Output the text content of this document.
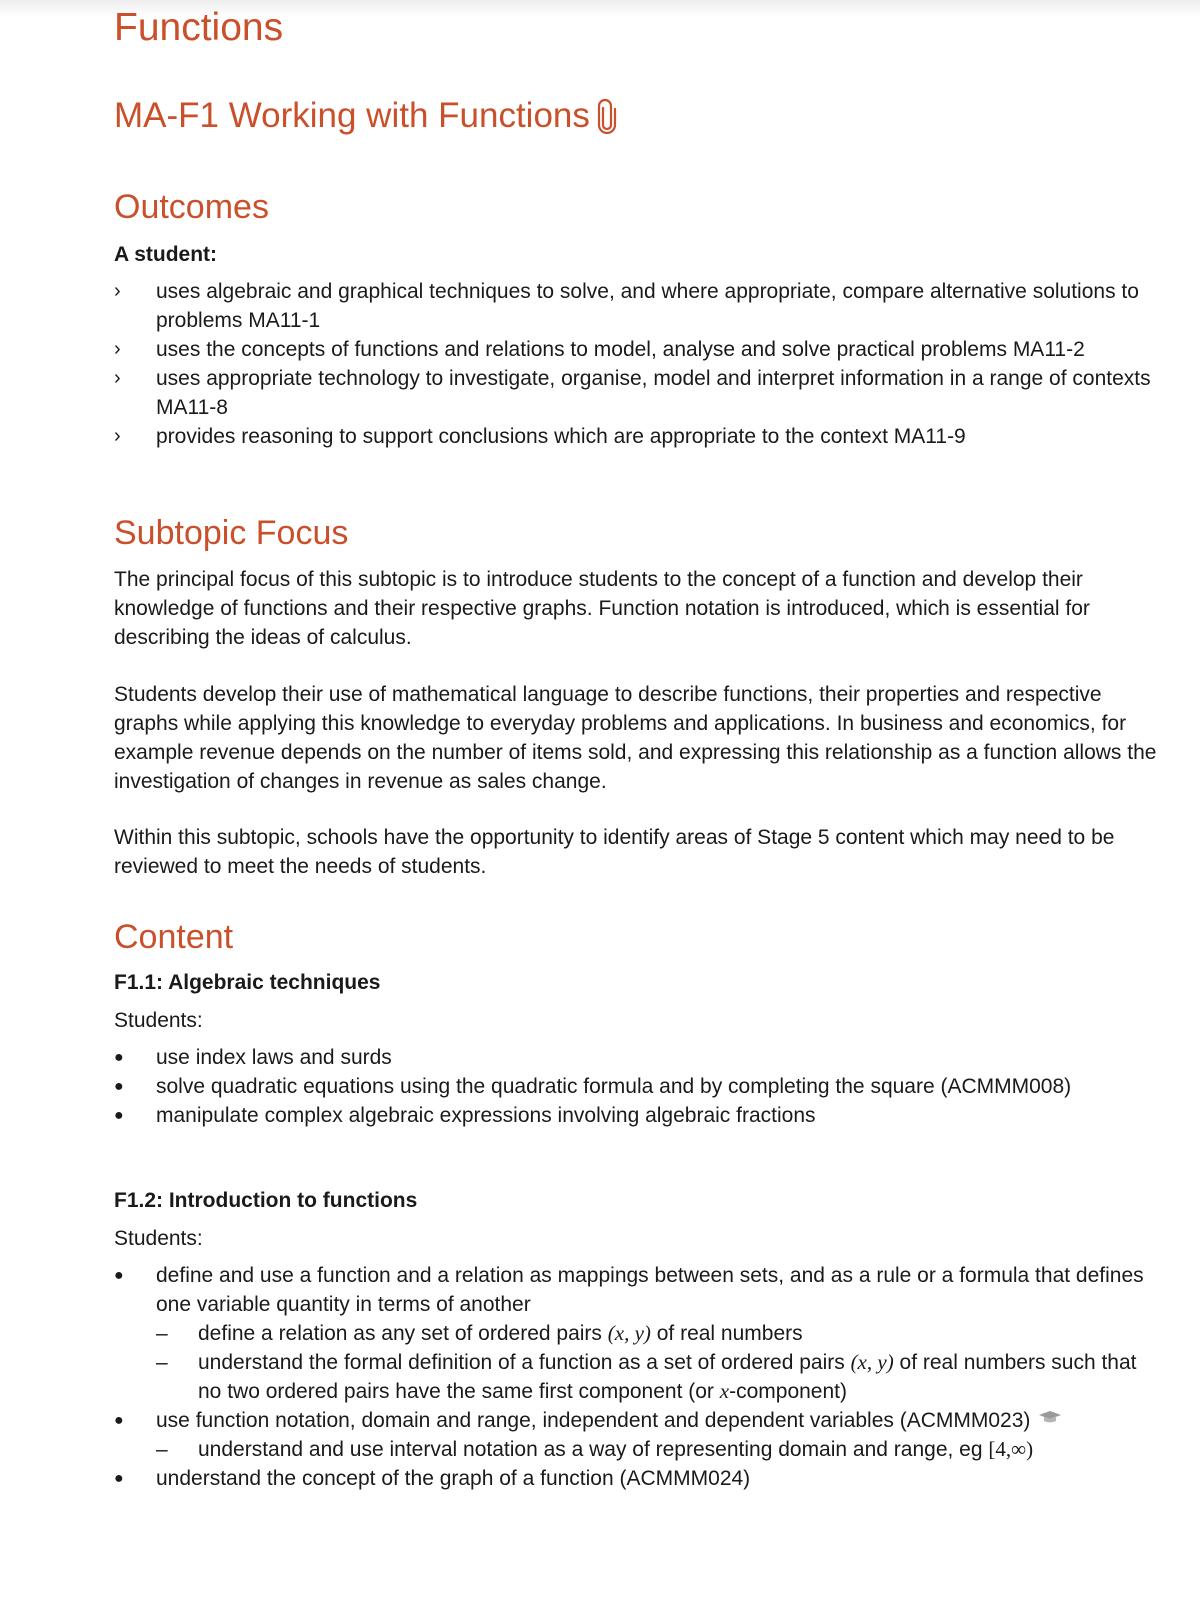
Functions
MA-F1 Working with Functions
Outcomes
A student:
› uses algebraic and graphical techniques to solve, and where appropriate, compare alternative solutions to problems MA11-1
› uses the concepts of functions and relations to model, analyse and solve practical problems MA11-2
› uses appropriate technology to investigate, organise, model and interpret information in a range of contexts MA11-8
› provides reasoning to support conclusions which are appropriate to the context MA11-9
Subtopic Focus

The principal focus of this subtopic is to introduce students to the concept of a function and develop their knowledge of functions and their respective graphs. Function notation is introduced, which is essential for describing the ideas of calculus.

Students develop their use of mathematical language to describe functions, their properties and respective graphs while applying this knowledge to everyday problems and applications. In business and economics, for example revenue depends on the number of items sold, and expressing this relationship as a function allows the investigation of changes in revenue as sales change.

Within this subtopic, schools have the opportunity to identify areas of Stage 5 content which may need to be reviewed to meet the needs of students.

Content
F1.1: Algebraic techniques
Students:
● use index laws and surds
● solve quadratic equations using the quadratic formula and by completing the square (ACMMM008)
● manipulate complex algebraic expressions involving algebraic fractions
F1.2: Introduction to functions
Students:
● define and use a function and a relation as mappings between sets, and as a rule or a formula that defines one variable quantity in terms of another
– define a relation as any set of ordered pairs (x, y) of real numbers
– understand the formal definition of a function as a set of ordered pairs (x, y) of real numbers such that no two ordered pairs have the same first component (or x-component)
● use function notation, domain and range, independent and dependent variables (ACMMM023)
– understand and use interval notation as a way of representing domain and range, eg [4,∞)
● understand the concept of the graph of a function (ACMMM024)
